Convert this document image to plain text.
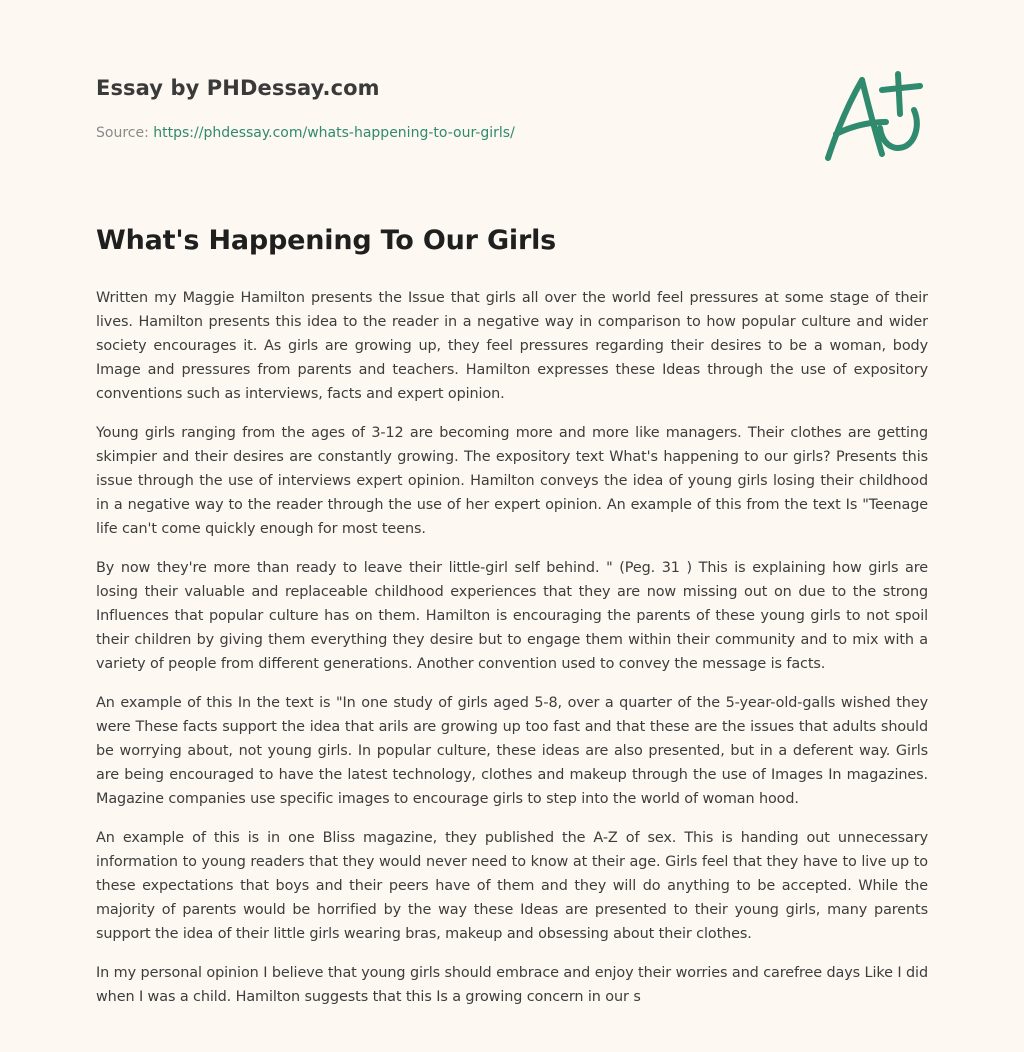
Essay by PHDessay.com
Source: https://phdessay.com/whats-happening-to-our-girls/
What's Happening To Our Girls

Written my Maggie Hamilton presents the Issue that girls all over the world feel pressures at some stage of their lives. Hamilton presents this idea to the reader in a negative way in comparison to how popular culture and wider society encourages it. As girls are growing up, they feel pressures regarding their desires to be a woman, body Image and pressures from parents and teachers. Hamilton expresses these Ideas through the use of expository conventions such as interviews, facts and expert opinion.

Young girls ranging from the ages of 3-12 are becoming more and more like managers. Their clothes are getting skimpier and their desires are constantly growing. The expository text What's happening to our girls? Presents this issue through the use of interviews expert opinion. Hamilton conveys the idea of young girls losing their childhood in a negative way to the reader through the use of her expert opinion. An example of this from the text Is "Teenage life can't come quickly enough for most teens.

By now they're more than ready to leave their little-girl self behind. " (Peg. 31 ) This is explaining how girls are losing their valuable and replaceable childhood experiences that they are now missing out on due to the strong Influences that popular culture has on them. Hamilton is encouraging the parents of these young girls to not spoil their children by giving them everything they desire but to engage them within their community and to mix with a variety of people from different generations. Another convention used to convey the message is facts.

An example of this In the text is "In one study of girls aged 5-8, over a quarter of the 5-year-old-galls wished they were These facts support the idea that arils are growing up too fast and that these are the issues that adults should be worrying about, not young girls. In popular culture, these ideas are also presented, but in a deferent way. Girls are being encouraged to have the latest technology, clothes and makeup through the use of Images In magazines. Magazine companies use specific images to encourage girls to step into the world of woman hood.

An example of this is in one Bliss magazine, they published the A-Z of sex. This is handing out unnecessary information to young readers that they would never need to know at their age. Girls feel that they have to live up to these expectations that boys and their peers have of them and they will do anything to be accepted. While the majority of parents would be horrified by the way these Ideas are presented to their young girls, many parents support the idea of their little girls wearing bras, makeup and obsessing about their clothes.

In my personal opinion I believe that young girls should embrace and enjoy their worries and carefree days Like I did when I was a child. Hamilton suggests that this Is a growing concern in our s
